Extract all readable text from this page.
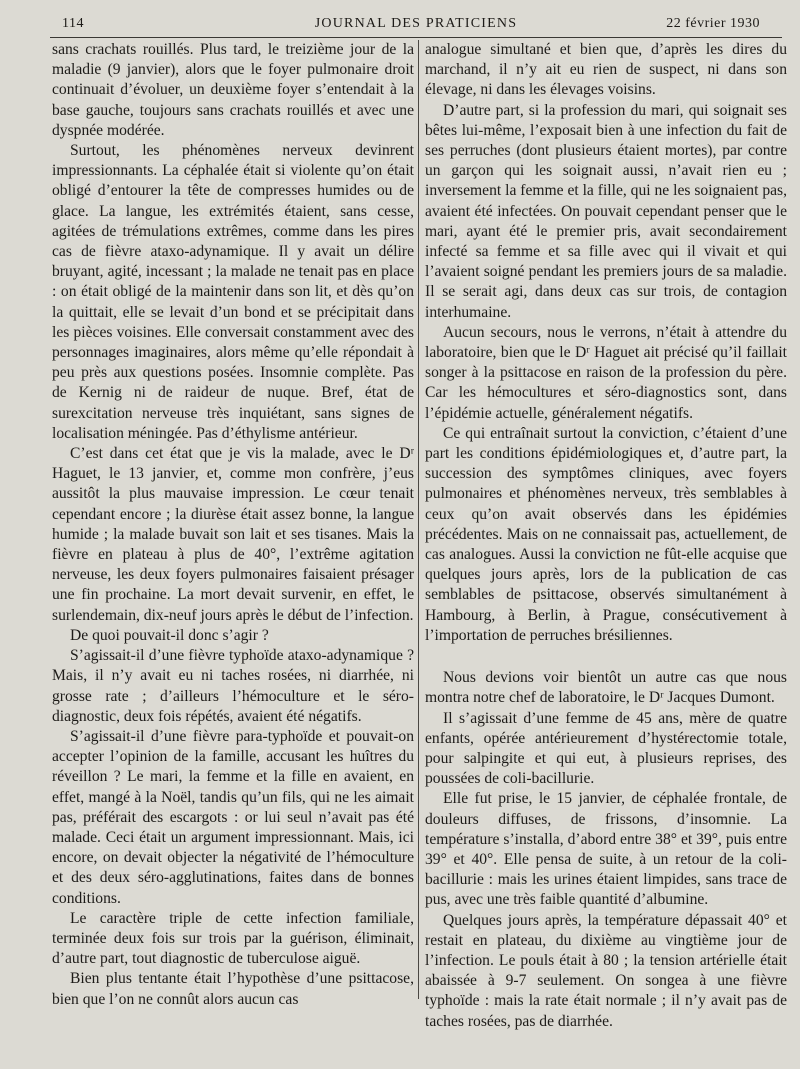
114	JOURNAL DES PRATICIENS	22 février 1930

sans crachats rouillés. Plus tard, le treizième jour de la maladie (9 janvier), alors que le foyer pulmonaire droit continuait d’évoluer, un deuxième foyer s’entendait à la base gauche, toujours sans crachats rouillés et avec une dyspnée modérée.

Surtout, les phénomènes nerveux devinrent impressionnants. La céphalée était si violente qu’on était obligé d’entourer la tête de compresses humides ou de glace. La langue, les extrémités étaient, sans cesse, agitées de trémulations extrêmes, comme dans les pires cas de fièvre ataxo-adynamique. Il y avait un délire bruyant, agité, incessant ; la malade ne tenait pas en place : on était obligé de la maintenir dans son lit, et dès qu’on la quittait, elle se levait d’un bond et se précipitait dans les pièces voisines. Elle conversait constamment avec des personnages imaginaires, alors même qu’elle répondait à peu près aux questions posées. Insomnie complète. Pas de Kernig ni de raideur de nuque. Bref, état de surexcitation nerveuse très inquiétant, sans signes de localisation méningée. Pas d’éthylisme antérieur.

C’est dans cet état que je vis la malade, avec le Dʳ Haguet, le 13 janvier, et, comme mon confrère, j’eus aussitôt la plus mauvaise impression. Le cœur tenait cependant encore ; la diurèse était assez bonne, la langue humide ; la malade buvait son lait et ses tisanes. Mais la fièvre en plateau à plus de 40°, l’extrême agitation nerveuse, les deux foyers pulmonaires faisaient présager une fin prochaine. La mort devait survenir, en effet, le surlendemain, dix-neuf jours après le début de l’infection.

De quoi pouvait-il donc s’agir ?

S’agissait-il d’une fièvre typhoïde ataxo-adynamique ? Mais, il n’y avait eu ni taches rosées, ni diarrhée, ni grosse rate ; d’ailleurs l’hémoculture et le séro-diagnostic, deux fois répétés, avaient été négatifs.

S’agissait-il d’une fièvre para-typhoïde et pouvait-on accepter l’opinion de la famille, accusant les huîtres du réveillon ? Le mari, la femme et la fille en avaient, en effet, mangé à la Noël, tandis qu’un fils, qui ne les aimait pas, préférait des escargots : or lui seul n’avait pas été malade. Ceci était un argument impressionnant. Mais, ici encore, on devait objecter la négativité de l’hémoculture et des deux séro-agglutinations, faites dans de bonnes conditions.

Le caractère triple de cette infection familiale, terminée deux fois sur trois par la guérison, éliminait, d’autre part, tout diagnostic de tuberculose aiguë.

Bien plus tentante était l’hypothèse d’une psittacose, bien que l’on ne connût alors aucun cas

analogue simultané et bien que, d’après les dires du marchand, il n’y ait eu rien de suspect, ni dans son élevage, ni dans les élevages voisins.

D’autre part, si la profession du mari, qui soignait ses bêtes lui-même, l’exposait bien à une infection du fait de ses perruches (dont plusieurs étaient mortes), par contre un garçon qui les soignait aussi, n’avait rien eu ; inversement la femme et la fille, qui ne les soignaient pas, avaient été infectées. On pouvait cependant penser que le mari, ayant été le premier pris, avait secondairement infecté sa femme et sa fille avec qui il vivait et qui l’avaient soigné pendant les premiers jours de sa maladie. Il se serait agi, dans deux cas sur trois, de contagion interhumaine.

Aucun secours, nous le verrons, n’était à attendre du laboratoire, bien que le Dʳ Haguet ait précisé qu’il faillait songer à la psittacose en raison de la profession du père. Car les hémocultures et séro-diagnostics sont, dans l’épidémie actuelle, généralement négatifs.

Ce qui entraînait surtout la conviction, c’étaient d’une part les conditions épidémiologiques et, d’autre part, la succession des symptômes cliniques, avec foyers pulmonaires et phénomènes nerveux, très semblables à ceux qu’on avait observés dans les épidémies précédentes. Mais on ne connaissait pas, actuellement, de cas analogues. Aussi la conviction ne fût-elle acquise que quelques jours après, lors de la publication de cas semblables de psittacose, observés simultanément à Hambourg, à Berlin, à Prague, consécutivement à l’importation de perruches brésiliennes.

Nous devions voir bientôt un autre cas que nous montra notre chef de laboratoire, le Dʳ Jacques Dumont.

Il s’agissait d’une femme de 45 ans, mère de quatre enfants, opérée antérieurement d’hystérectomie totale, pour salpingite et qui eut, à plusieurs reprises, des poussées de coli-bacillurie.

Elle fut prise, le 15 janvier, de céphalée frontale, de douleurs diffuses, de frissons, d’insomnie. La température s’installa, d’abord entre 38° et 39°, puis entre 39° et 40°. Elle pensa de suite, à un retour de la coli-bacillurie : mais les urines étaient limpides, sans trace de pus, avec une très faible quantité d’albumine.

Quelques jours après, la température dépassait 40° et restait en plateau, du dixième au vingtième jour de l’infection. Le pouls était à 80 ; la tension artérielle était abaissée à 9-7 seulement. On songea à une fièvre typhoïde : mais la rate était normale ; il n’y avait pas de taches rosées, pas de diarrhée.
